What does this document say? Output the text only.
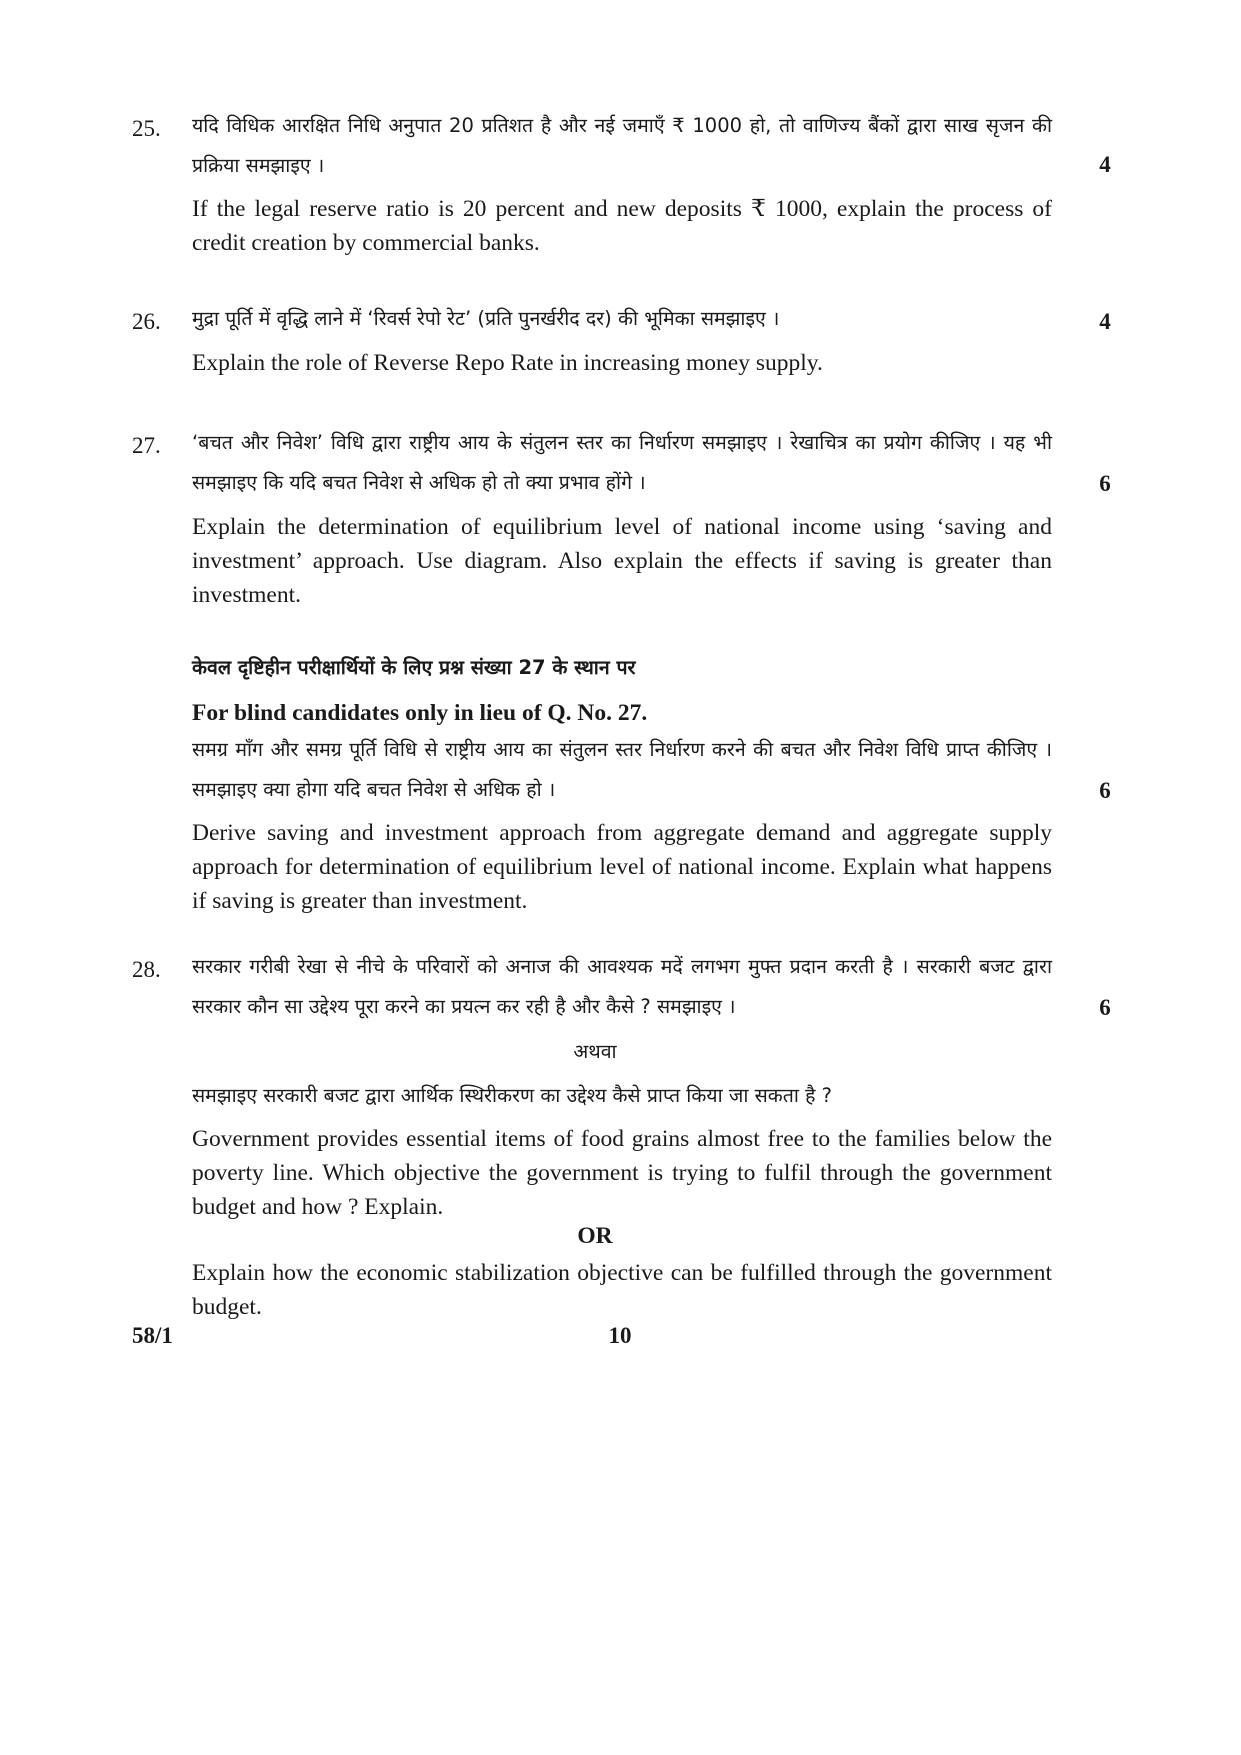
25. यदि विधिक आरक्षित निधि अनुपात 20 प्रतिशत है और नई जमाएँ ₹ 1000 हो, तो वाणिज्य बैंकों द्वारा साख सृजन की प्रक्रिया समझाइए ।	4
If the legal reserve ratio is 20 percent and new deposits ₹ 1000, explain the process of credit creation by commercial banks.
26. मुद्रा पूर्ति में वृद्धि लाने में ‘रिवर्स रेपो रेट’ (प्रति पुनर्खरीद दर) की भूमिका समझाइए ।	4
Explain the role of Reverse Repo Rate in increasing money supply.
27. ‘बचत और निवेश’ विधि द्वारा राष्ट्रीय आय के संतुलन स्तर का निर्धारण समझाइए । रेखाचित्र का प्रयोग कीजिए । यह भी समझाइए कि यदि बचत निवेश से अधिक हो तो क्या प्रभाव होंगे ।	6
Explain the determination of equilibrium level of national income using ‘saving and investment’ approach. Use diagram. Also explain the effects if saving is greater than investment.
केवल दृष्टिहीन परीक्षार्थियों के लिए प्रश्न संख्या 27 के स्थान पर
For blind candidates only in lieu of Q. No. 27.
समग्र माँग और समग्र पूर्ति विधि से राष्ट्रीय आय का संतुलन स्तर निर्धारण करने की बचत और निवेश विधि प्राप्त कीजिए । समझाइए क्या होगा यदि बचत निवेश से अधिक हो ।	6
Derive saving and investment approach from aggregate demand and aggregate supply approach for determination of equilibrium level of national income. Explain what happens if saving is greater than investment.
28. सरकार गरीबी रेखा से नीचे के परिवारों को अनाज की आवश्यक मदें लगभग मुफ्त प्रदान करती है । सरकारी बजट द्वारा सरकार कौन सा उद्देश्य पूरा करने का प्रयत्न कर रही है और कैसे ? समझाइए ।	6
अथवा
समझाइए सरकारी बजट द्वारा आर्थिक स्थिरीकरण का उद्देश्य कैसे प्राप्त किया जा सकता है ?
Government provides essential items of food grains almost free to the families below the poverty line. Which objective the government is trying to fulfil through the government budget and how ? Explain.
OR
Explain how the economic stabilization objective can be fulfilled through the government budget.
58/1	10
